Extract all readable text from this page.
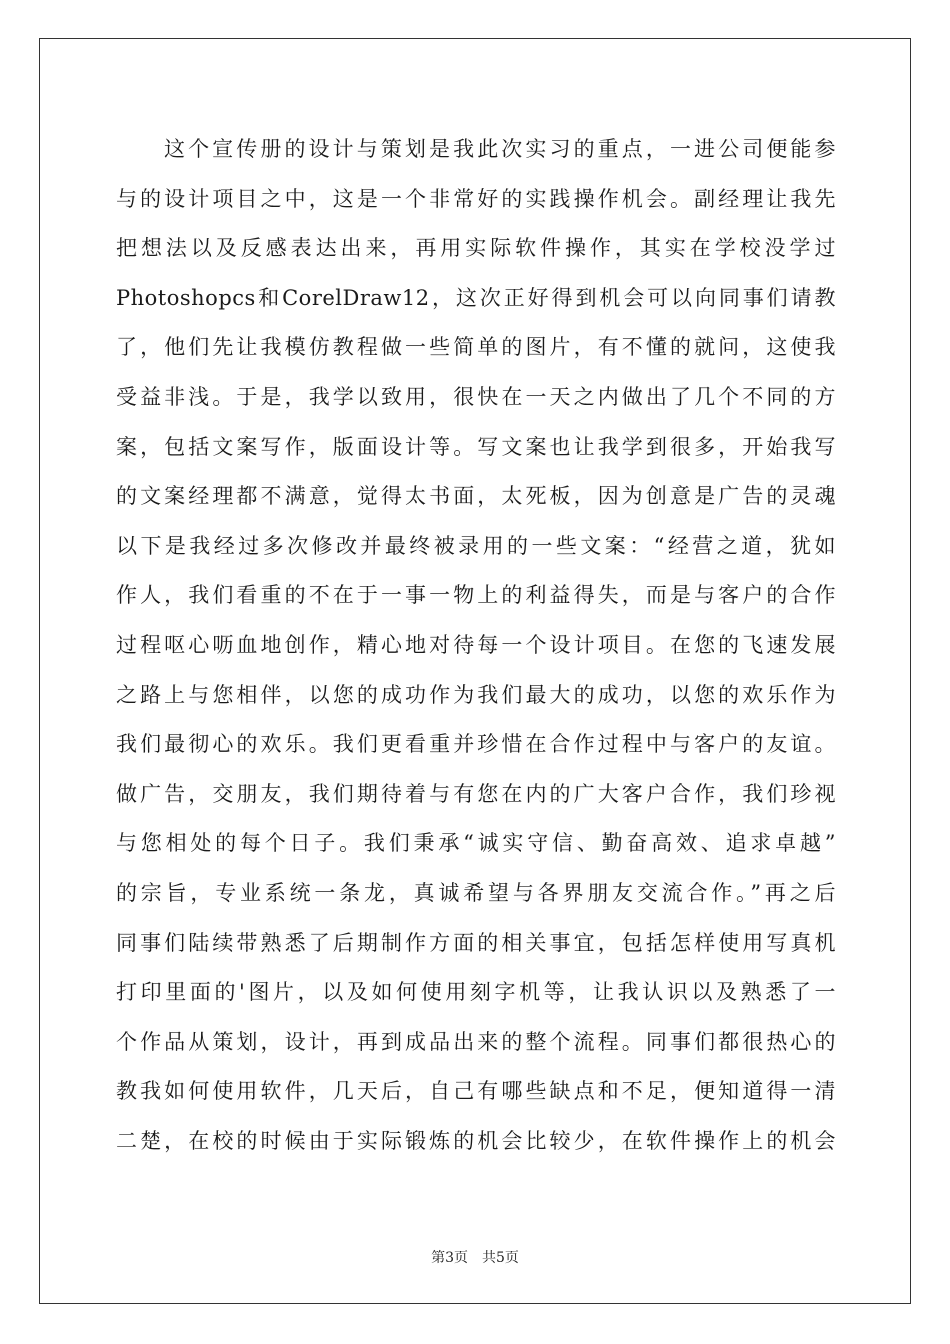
这个宣传册的设计与策划是我此次实习的重点，一进公司便能参
与的设计项目之中，这是一个非常好的实践操作机会。副经理让我先
把想法以及反感表达出来，再用实际软件操作，其实在学校没学过
Photoshopcs和CorelDraw12，这次正好得到机会可以向同事们请教
了，他们先让我模仿教程做一些简单的图片，有不懂的就问，这使我
受益非浅。于是，我学以致用，很快在一天之内做出了几个不同的方
案，包括文案写作，版面设计等。写文案也让我学到很多，开始我写
的文案经理都不满意，觉得太书面，太死板，因为创意是广告的灵魂
以下是我经过多次修改并最终被录用的一些文案：“经营之道，犹如
作人，我们看重的不在于一事一物上的利益得失，而是与客户的合作
过程呕心呖血地创作，精心地对待每一个设计项目。在您的飞速发展
之路上与您相伴，以您的成功作为我们最大的成功，以您的欢乐作为
我们最彻心的欢乐。我们更看重并珍惜在合作过程中与客户的友谊。
做广告，交朋友，我们期待着与有您在内的广大客户合作，我们珍视
与您相处的每个日子。我们秉承“诚实守信、勤奋高效、追求卓越”
的宗旨，专业系统一条龙，真诚希望与各界朋友交流合作。”再之后
同事们陆续带熟悉了后期制作方面的相关事宜，包括怎样使用写真机
打印里面的'图片，以及如何使用刻字机等，让我认识以及熟悉了一
个作品从策划，设计，再到成品出来的整个流程。同事们都很热心的
教我如何使用软件，几天后，自己有哪些缺点和不足，便知道得一清
二楚，在校的时候由于实际锻炼的机会比较少，在软件操作上的机会
第3页　共5页
